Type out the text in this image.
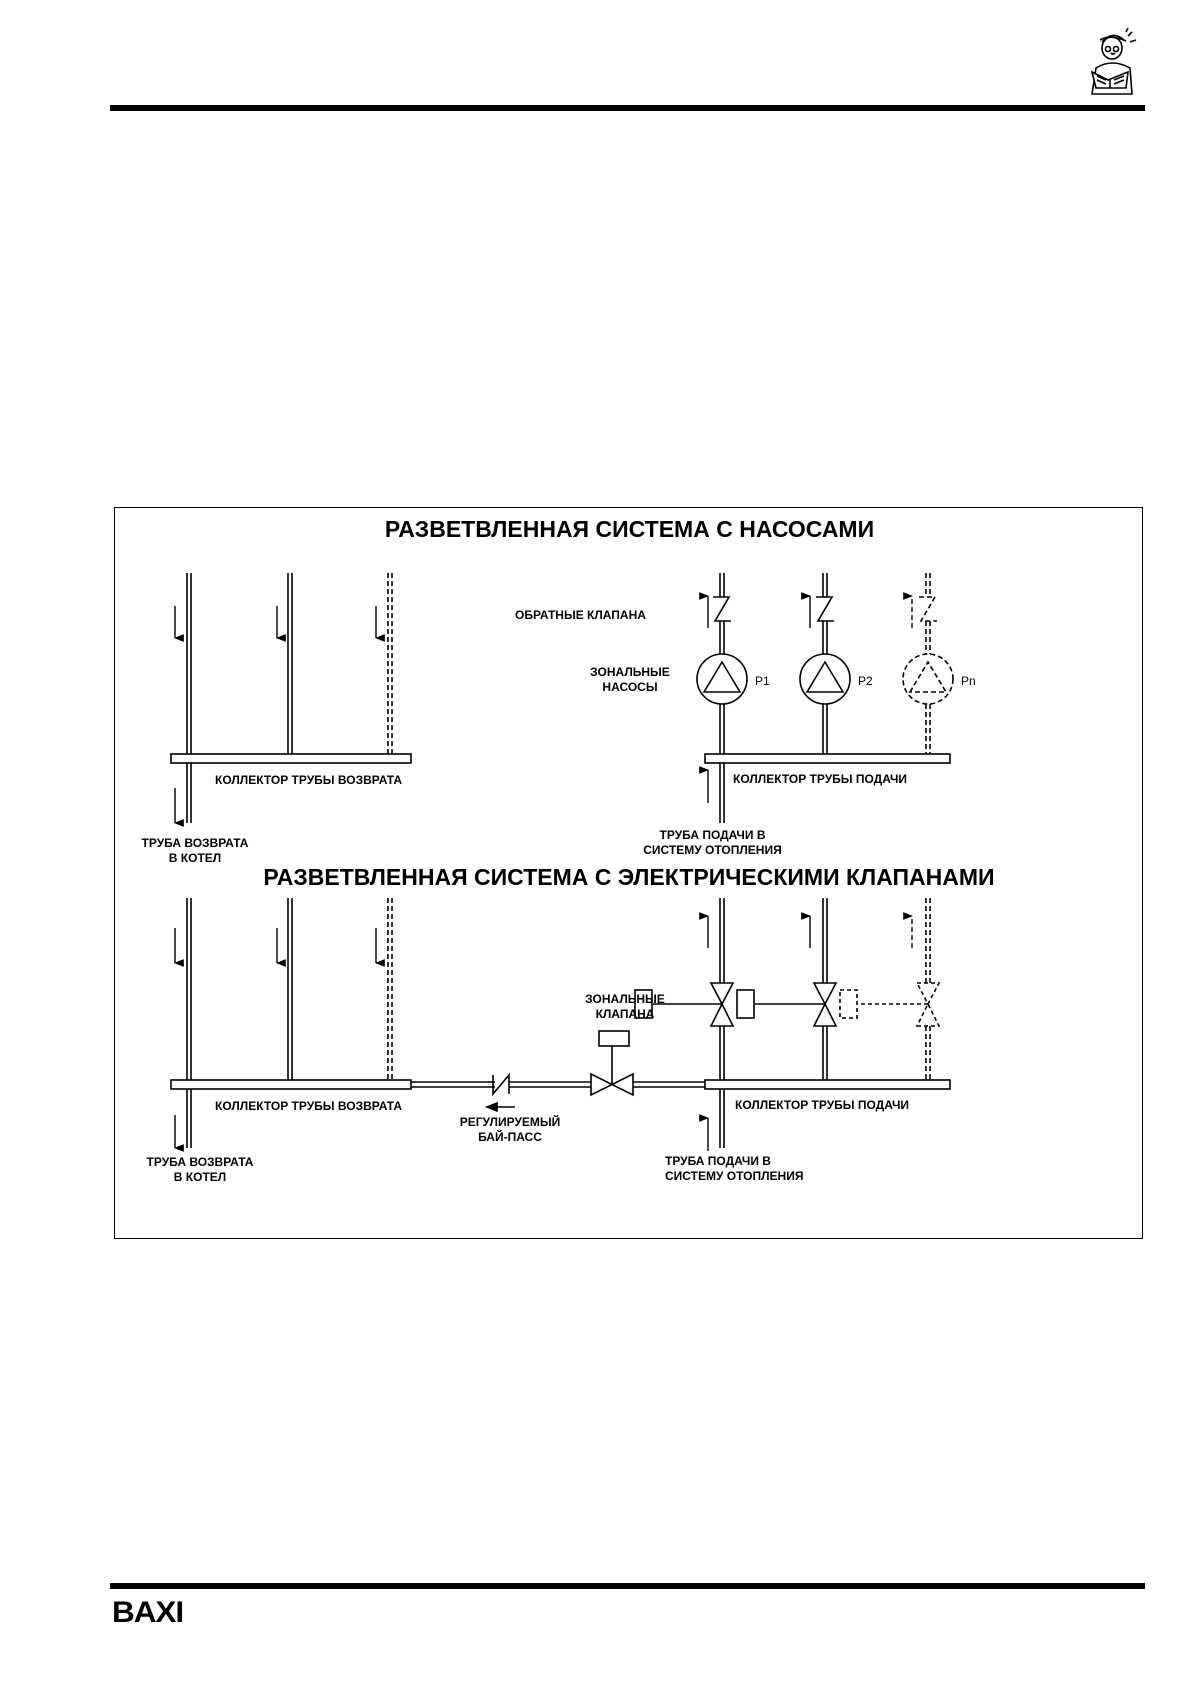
РАЗВЕТВЛЕННАЯ СИСТЕМА С НАСОСАМИ
РАЗВЕТВЛЕННАЯ СИСТЕМА С ЭЛЕКТРИЧЕСКИМИ КЛАПАНАМИ
ОБРАТНЫЕ КЛАПАНА
ЗОНАЛЬНЫЕ
НАСОСЫ	P1	P2	Pn
КОЛЛЕКТОР ТРУБЫ ВОЗВРАТА	КОЛЛЕКТОР ТРУБЫ ПОДАЧИ
ТРУБА ВОЗВРАТА
В КОТЕЛ
ТРУБА ПОДАЧИ В
СИСТЕМУ ОТОПЛЕНИЯ
ЗОНАЛЬНЫЕ
КЛАПАНА
КОЛЛЕКТОР ТРУБЫ ВОЗВРАТА	КОЛЛЕКТОР ТРУБЫ ПОДАЧИ
РЕГУЛИРУЕМЫЙ
БАЙ-ПАСС
ТРУБА ВОЗВРАТА
В КОТЕЛ
ТРУБА ПОДАЧИ В
СИСТЕМУ ОТОПЛЕНИЯ
BAXI
